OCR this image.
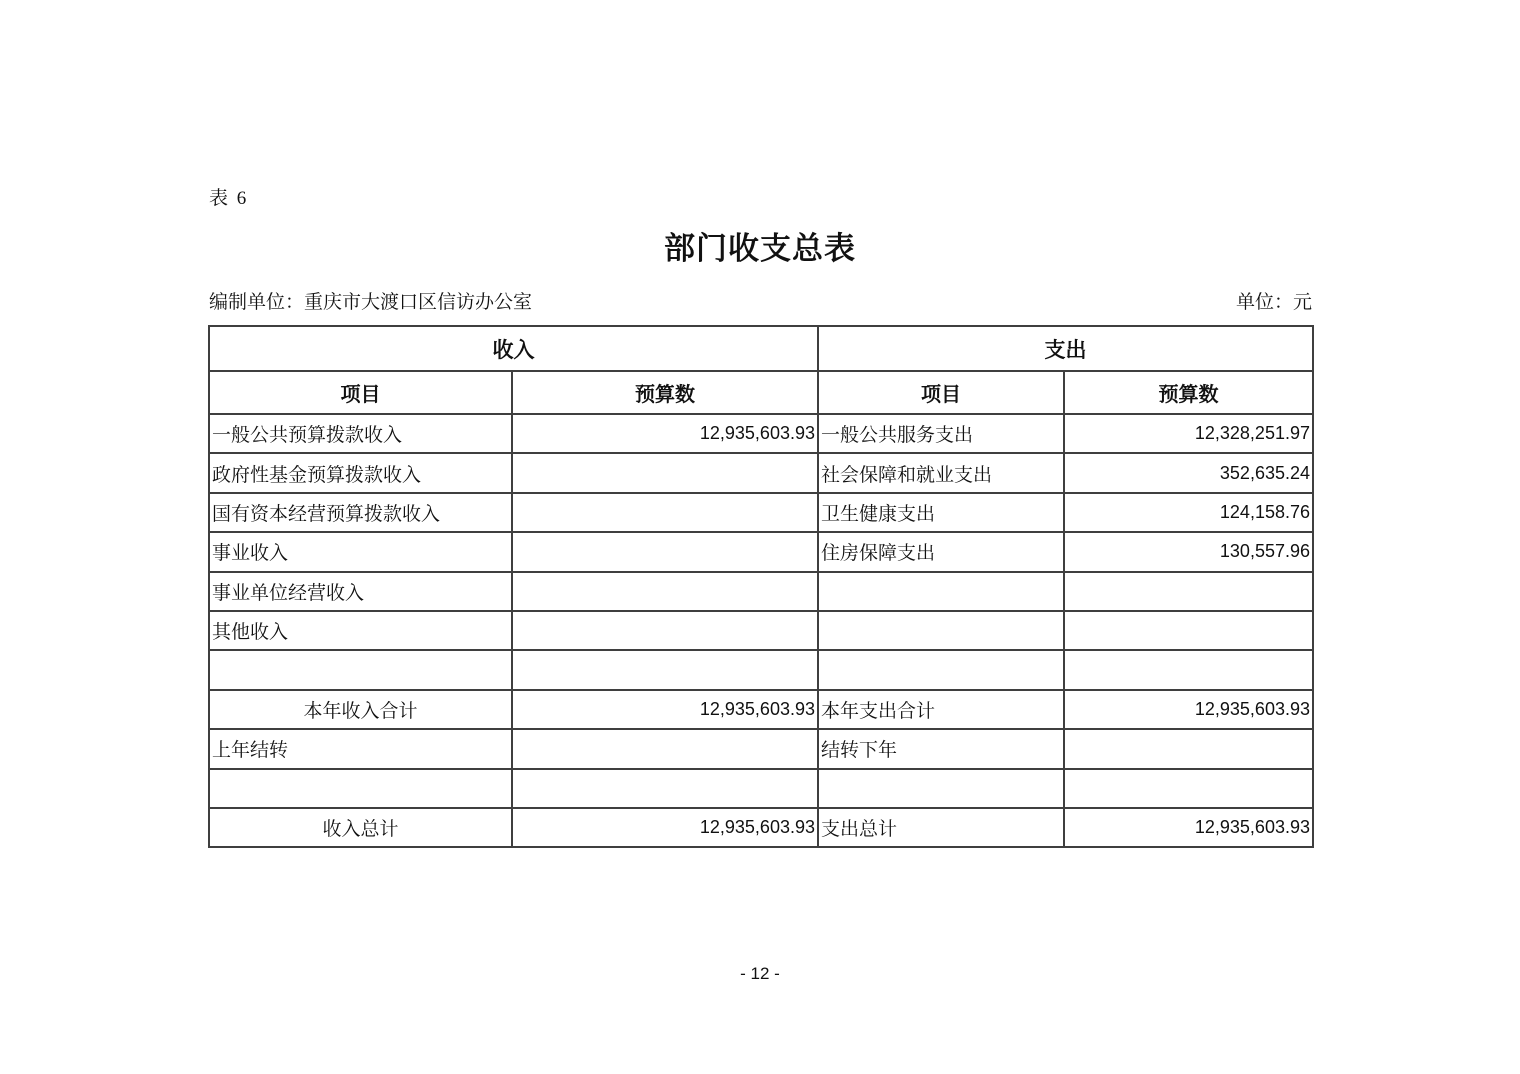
表 6
部门收支总表
编制单位：重庆市大渡口区信访办公室	单位：元
收入		支出	
项目	预算数	项目	预算数
一般公共预算拨款收入	12,935,603.93	一般公共服务支出	12,328,251.97
政府性基金预算拨款收入		社会保障和就业支出	352,635.24
国有资本经营预算拨款收入		卫生健康支出	124,158.76
事业收入		住房保障支出	130,557.96
事业单位经营收入			
其他收入			

本年收入合计	12,935,603.93	本年支出合计	12,935,603.93
上年结转		结转下年	

收入总计	12,935,603.93	支出总计	12,935,603.93
- 12 -
